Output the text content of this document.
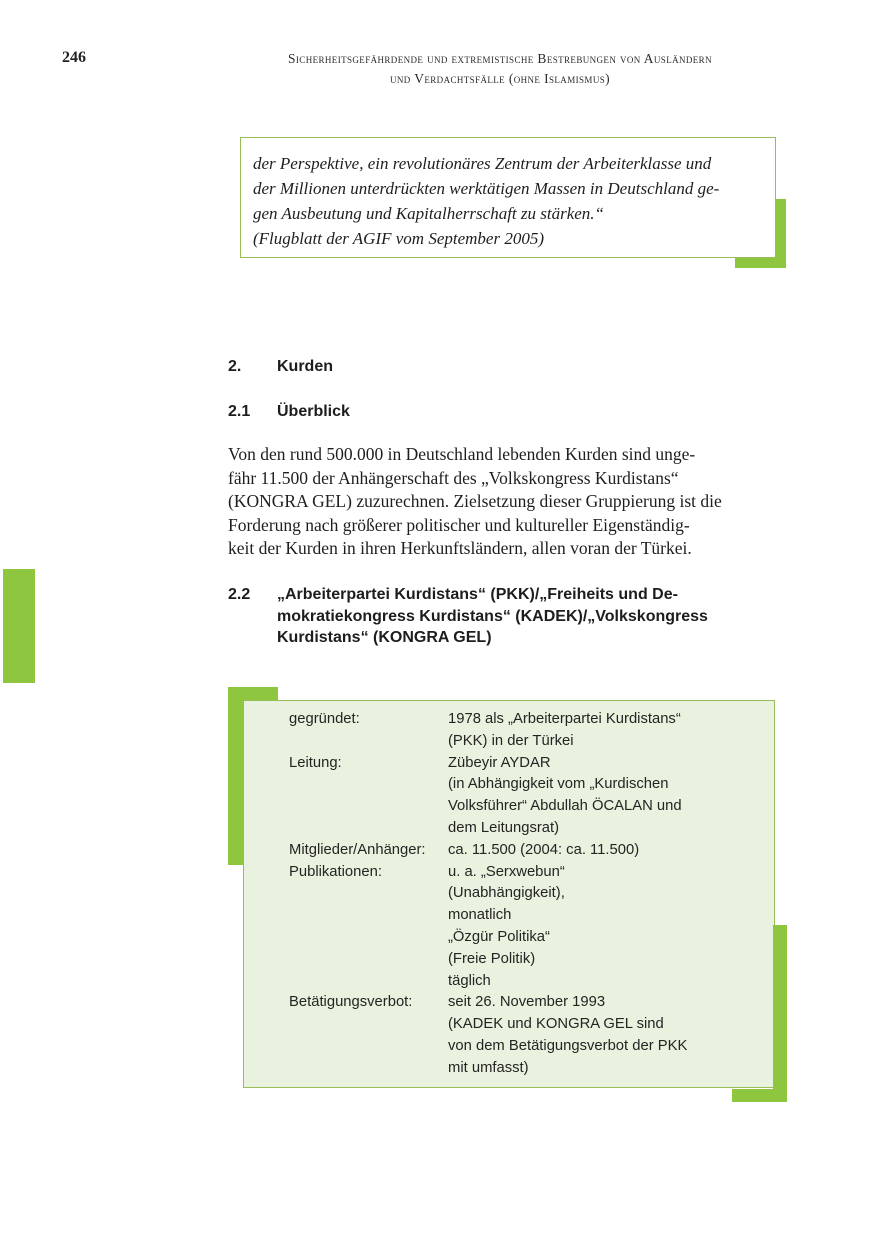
246	Sicherheitsgefährdende und extremistische Bestrebungen von Ausländern
und Verdachtsfälle (ohne Islamismus)
der Perspektive, ein revolutionäres Zentrum der Arbeiterklasse und
der Millionen unterdrückten werktätigen Massen in Deutschland ge-
gen Ausbeutung und Kapitalherrschaft zu stärken.“
(Flugblatt der AGIF vom September 2005)
2.	Kurden
2.1	Überblick
Von den rund 500.000 in Deutschland lebenden Kurden sind unge-
fähr 11.500 der Anhängerschaft des „Volkskongress Kurdistans“
(KONGRA GEL) zuzurechnen. Zielsetzung dieser Gruppierung ist die
Forderung nach größerer politischer und kultureller Eigenständig-
keit der Kurden in ihren Herkunftsländern, allen voran der Türkei.
2.2	„Arbeiterpartei Kurdistans“ (PKK)/„Freiheits und De-
mokratiekongress Kurdistans“ (KADEK)/„Volkskongress
Kurdistans“ (KONGRA GEL)
gegründet:	1978 als „Arbeiterpartei Kurdistans“
(PKK) in der Türkei
Leitung:	Zübeyir AYDAR
(in Abhängigkeit vom „Kurdischen
Volksführer“ Abdullah ÖCALAN und
dem Leitungsrat)
Mitglieder/Anhänger:	ca. 11.500 (2004: ca. 11.500)
Publikationen:	u. a. „Serxwebun“
(Unabhängigkeit),
monatlich
„Özgür Politika“
(Freie Politik)
täglich
Betätigungsverbot:	seit 26. November 1993
(KADEK und KONGRA GEL sind
von dem Betätigungsverbot der PKK
mit umfasst)
